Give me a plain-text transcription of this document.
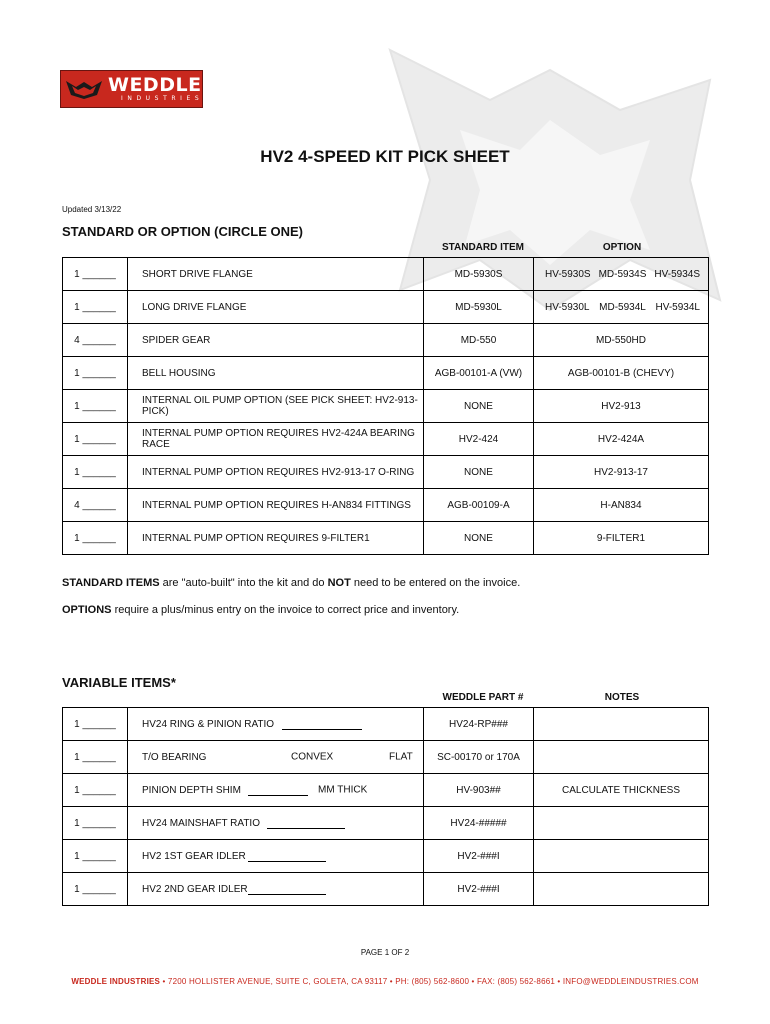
WEDDLE
INDUSTRIES
HV2 4-SPEED KIT PICK SHEET
Updated 3/13/22
STANDARD OR OPTION (CIRCLE ONE)
STANDARD ITEM	OPTION
1 ______	SHORT DRIVE FLANGE	MD-5930S	HV-5930S MD-5934S HV-5934S

1 ______	LONG DRIVE FLANGE	MD-5930L	HV-5930L MD-5934L HV-5934L

4 ______	SPIDER GEAR	MD-550	MD-550HD
1 ______	BELL HOUSING	AGB-00101-A (VW)	AGB-00101-B (CHEVY)
1 ______	INTERNAL OIL PUMP OPTION (SEE PICK SHEET: HV2-913-PICK)	NONE	HV2-913
1 ______	INTERNAL PUMP OPTION REQUIRES HV2-424A BEARING RACE	HV2-424	HV2-424A
1 ______	INTERNAL PUMP OPTION REQUIRES HV2-913-17 O-RING	NONE	HV2-913-17
4 ______	INTERNAL PUMP OPTION REQUIRES H-AN834 FITTINGS	AGB-00109-A	H-AN834
1 ______	INTERNAL PUMP OPTION REQUIRES 9-FILTER1	NONE	9-FILTER1
STANDARD ITEMS are "auto-built" into the kit and do NOT need to be entered on the invoice.
OPTIONS require a plus/minus entry on the invoice to correct price and inventory.
VARIABLE ITEMS*
WEDDLE PART #	NOTES
1 ______	HV24 RING & PINION RATIO	HV24-RP###	
1 ______	T/O BEARING CONVEX FLAT	SC-00170 or 170A	
1 ______	PINION DEPTH SHIM MM THICK	HV-903##	CALCULATE THICKNESS
1 ______	HV24 MAINSHAFT RATIO	HV24-#####	
1 ______	HV2 1ST GEAR IDLER	HV2-###I	
1 ______	HV2 2ND GEAR IDLER	HV2-###I	
PAGE 1 OF 2
WEDDLE INDUSTRIES • 7200 HOLLISTER AVENUE, SUITE C, GOLETA, CA 93117 • PH: (805) 562-8600 • FAX: (805) 562-8661 • INFO@WEDDLEINDUSTRIES.COM
